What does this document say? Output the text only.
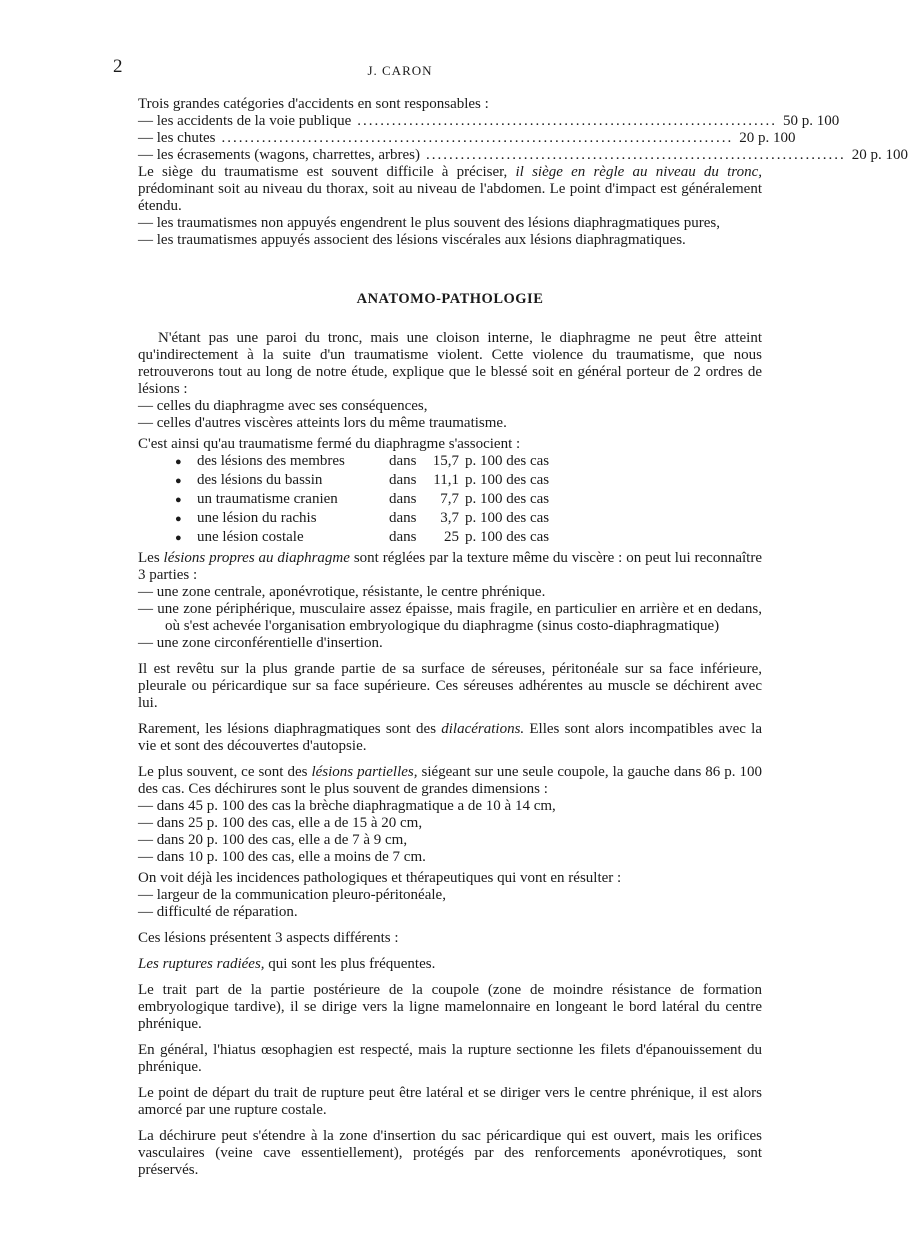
2	J. CARON

Trois grandes catégories d'accidents en sont responsables :

— les accidents de la voie publique ......................................................................... 50 p. 100
— les chutes ......................................................................................... 20 p. 100
— les écrasements (wagons, charrettes, arbres) ......................................................................... 20 p. 100

Le siège du traumatisme est souvent difficile à préciser, il siège en règle au niveau du tronc, prédominant soit au niveau du thorax, soit au niveau de l'abdomen. Le point d'impact est généralement étendu.

— les traumatismes non appuyés engendrent le plus souvent des lésions diaphragmatiques pures,

— les traumatismes appuyés associent des lésions viscérales aux lésions diaphragmatiques.

ANATOMO-PATHOLOGIE

N'étant pas une paroi du tronc, mais une cloison interne, le diaphragme ne peut être atteint qu'indirectement à la suite d'un traumatisme violent. Cette violence du traumatisme, que nous retrouverons tout au long de notre étude, explique que le blessé soit en général porteur de 2 ordres de lésions :

— celles du diaphragme avec ses conséquences,

— celles d'autres viscères atteints lors du même traumatisme.

C'est ainsi qu'au traumatisme fermé du diaphragme s'associent :

●	des lésions des membres	dans	15,7	p. 100 des cas
●	des lésions du bassin	dans	11,1	p. 100 des cas
●	un traumatisme cranien	dans	7,7	p. 100 des cas
●	une lésion du rachis	dans	3,7	p. 100 des cas
●	une lésion costale	dans	25	p. 100 des cas

Les lésions propres au diaphragme sont réglées par la texture même du viscère : on peut lui reconnaître 3 parties :

— une zone centrale, aponévrotique, résistante, le centre phrénique.

— une zone périphérique, musculaire assez épaisse, mais fragile, en particulier en arrière et en dedans, où s'est achevée l'organisation embryologique du diaphragme (sinus costo-diaphragmatique)

— une zone circonférentielle d'insertion.

Il est revêtu sur la plus grande partie de sa surface de séreuses, péritonéale sur sa face inférieure, pleurale ou péricardique sur sa face supérieure. Ces séreuses adhérentes au muscle se déchirent avec lui.

Rarement, les lésions diaphragmatiques sont des dilacérations. Elles sont alors incompatibles avec la vie et sont des découvertes d'autopsie.

Le plus souvent, ce sont des lésions partielles, siégeant sur une seule coupole, la gauche dans 86 p. 100 des cas. Ces déchirures sont le plus souvent de grandes dimensions :

— dans 45 p. 100 des cas la brèche diaphragmatique a de 10 à 14 cm,

— dans 25 p. 100 des cas, elle a de 15 à 20 cm,

— dans 20 p. 100 des cas, elle a de 7 à 9 cm,

— dans 10 p. 100 des cas, elle a moins de 7 cm.

On voit déjà les incidences pathologiques et thérapeutiques qui vont en résulter :

— largeur de la communication pleuro-péritonéale,

— difficulté de réparation.

Ces lésions présentent 3 aspects différents :

Les ruptures radiées, qui sont les plus fréquentes.

Le trait part de la partie postérieure de la coupole (zone de moindre résistance de formation embryologique tardive), il se dirige vers la ligne mamelonnaire en longeant le bord latéral du centre phrénique.

En général, l'hiatus œsophagien est respecté, mais la rupture sectionne les filets d'épanouissement du phrénique.

Le point de départ du trait de rupture peut être latéral et se diriger vers le centre phrénique, il est alors amorcé par une rupture costale.

La déchirure peut s'étendre à la zone d'insertion du sac péricardique qui est ouvert, mais les orifices vasculaires (veine cave essentiellement), protégés par des renforcements aponévrotiques, sont préservés.
